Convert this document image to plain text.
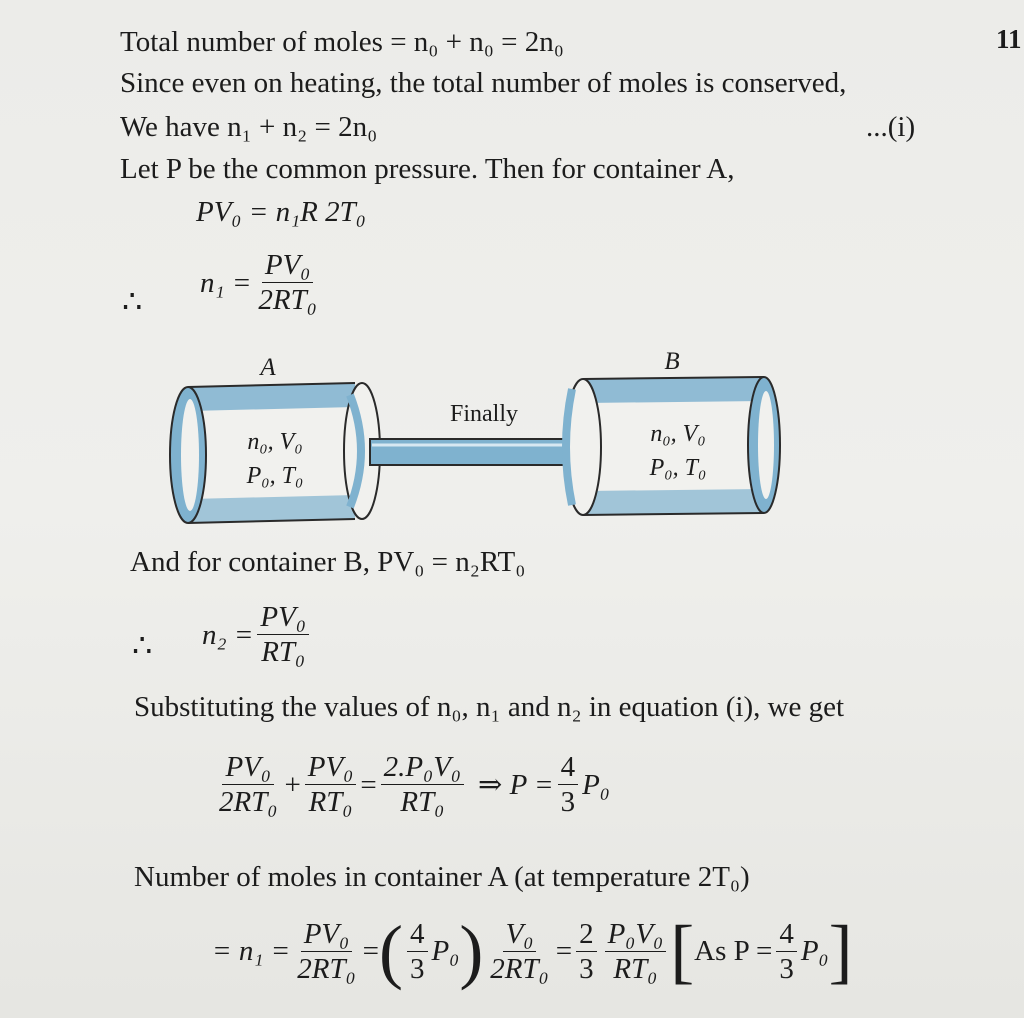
11
Total number of moles = n₀ + n₀ = 2n₀
Since even on heating, the total number of moles is conserved,
We have n₁ + n₂ = 2n₀	...(i)
Let P be the common pressure. Then for container A,
PV₀ = n₁R 2T₀
∴
$n_1 = \frac{\text{PV₀}}{\text{2RT₀}}$
A	B
Finally
n₀, V₀
P₀, T₀
n₀, V₀
P₀, T₀
And for container B, PV₀ = n₂RT₀
∴ $n_2 = \frac{\text{PV₀}}{\text{RT₀}}$
Substituting the values of n₀, n₁ and n₂ in equation (i), we get
$\frac{\text{PV₀}}{\text{2RT₀}} + \frac{\text{PV₀}}{\text{RT₀}} = \frac{\text{2.P₀V₀}}{\text{RT₀}}$ ⇒ $P = \frac{4}{3} P_0$
Number of moles in container A (at temperature 2T₀)
= $n_1 = \frac{\text{PV₀}}{\text{2RT₀}}$ = ( $\frac{4}{3} P_0$ ) $\frac{\text{V₀}}{\text{2RT₀}} = \frac{2}{3} \frac{\text{P₀V₀}}{\text{RT₀}}$ [ As $P = \frac{4}{3} P_0$ ]
